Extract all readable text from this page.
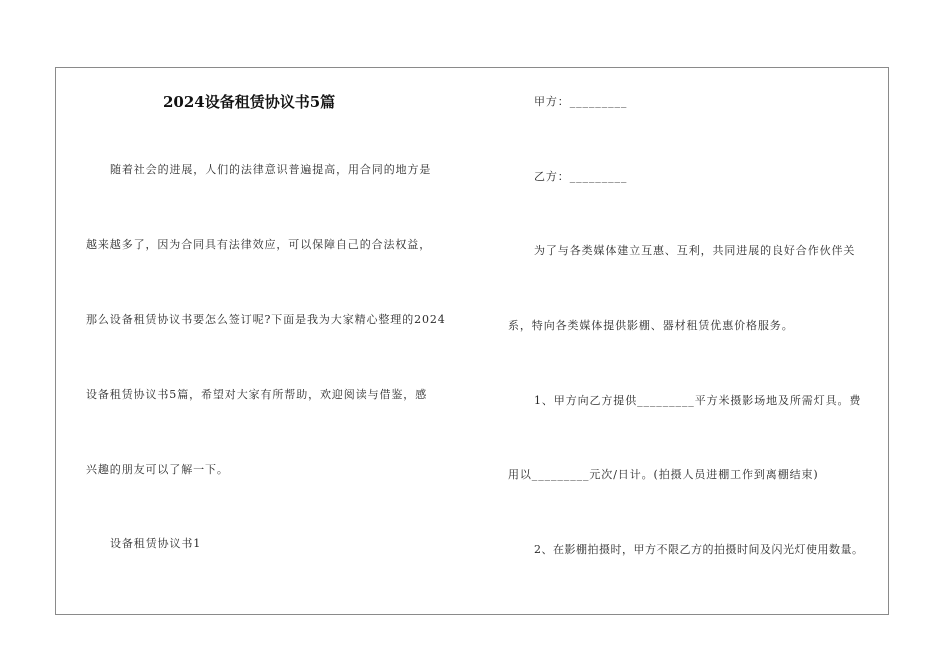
2024设备租赁协议书5篇
随着社会的进展，人们的法律意识普遍提高，用合同的地方是
越来越多了，因为合同具有法律效应，可以保障自己的合法权益，
那么设备租赁协议书要怎么签订呢?下面是我为大家精心整理的2024
设备租赁协议书5篇，希望对大家有所帮助，欢迎阅读与借鉴，感
兴趣的朋友可以了解一下。
设备租赁协议书1
甲方：_________
乙方：_________
为了与各类媒体建立互惠、互利，共同进展的良好合作伙伴关
系，特向各类媒体提供影棚、器材租赁优惠价格服务。
1、甲方向乙方提供_________平方米摄影场地及所需灯具。费
用以_________元次/日计。(拍摄人员进棚工作到离棚结束)
2、在影棚拍摄时，甲方不限乙方的拍摄时间及闪光灯使用数量。
